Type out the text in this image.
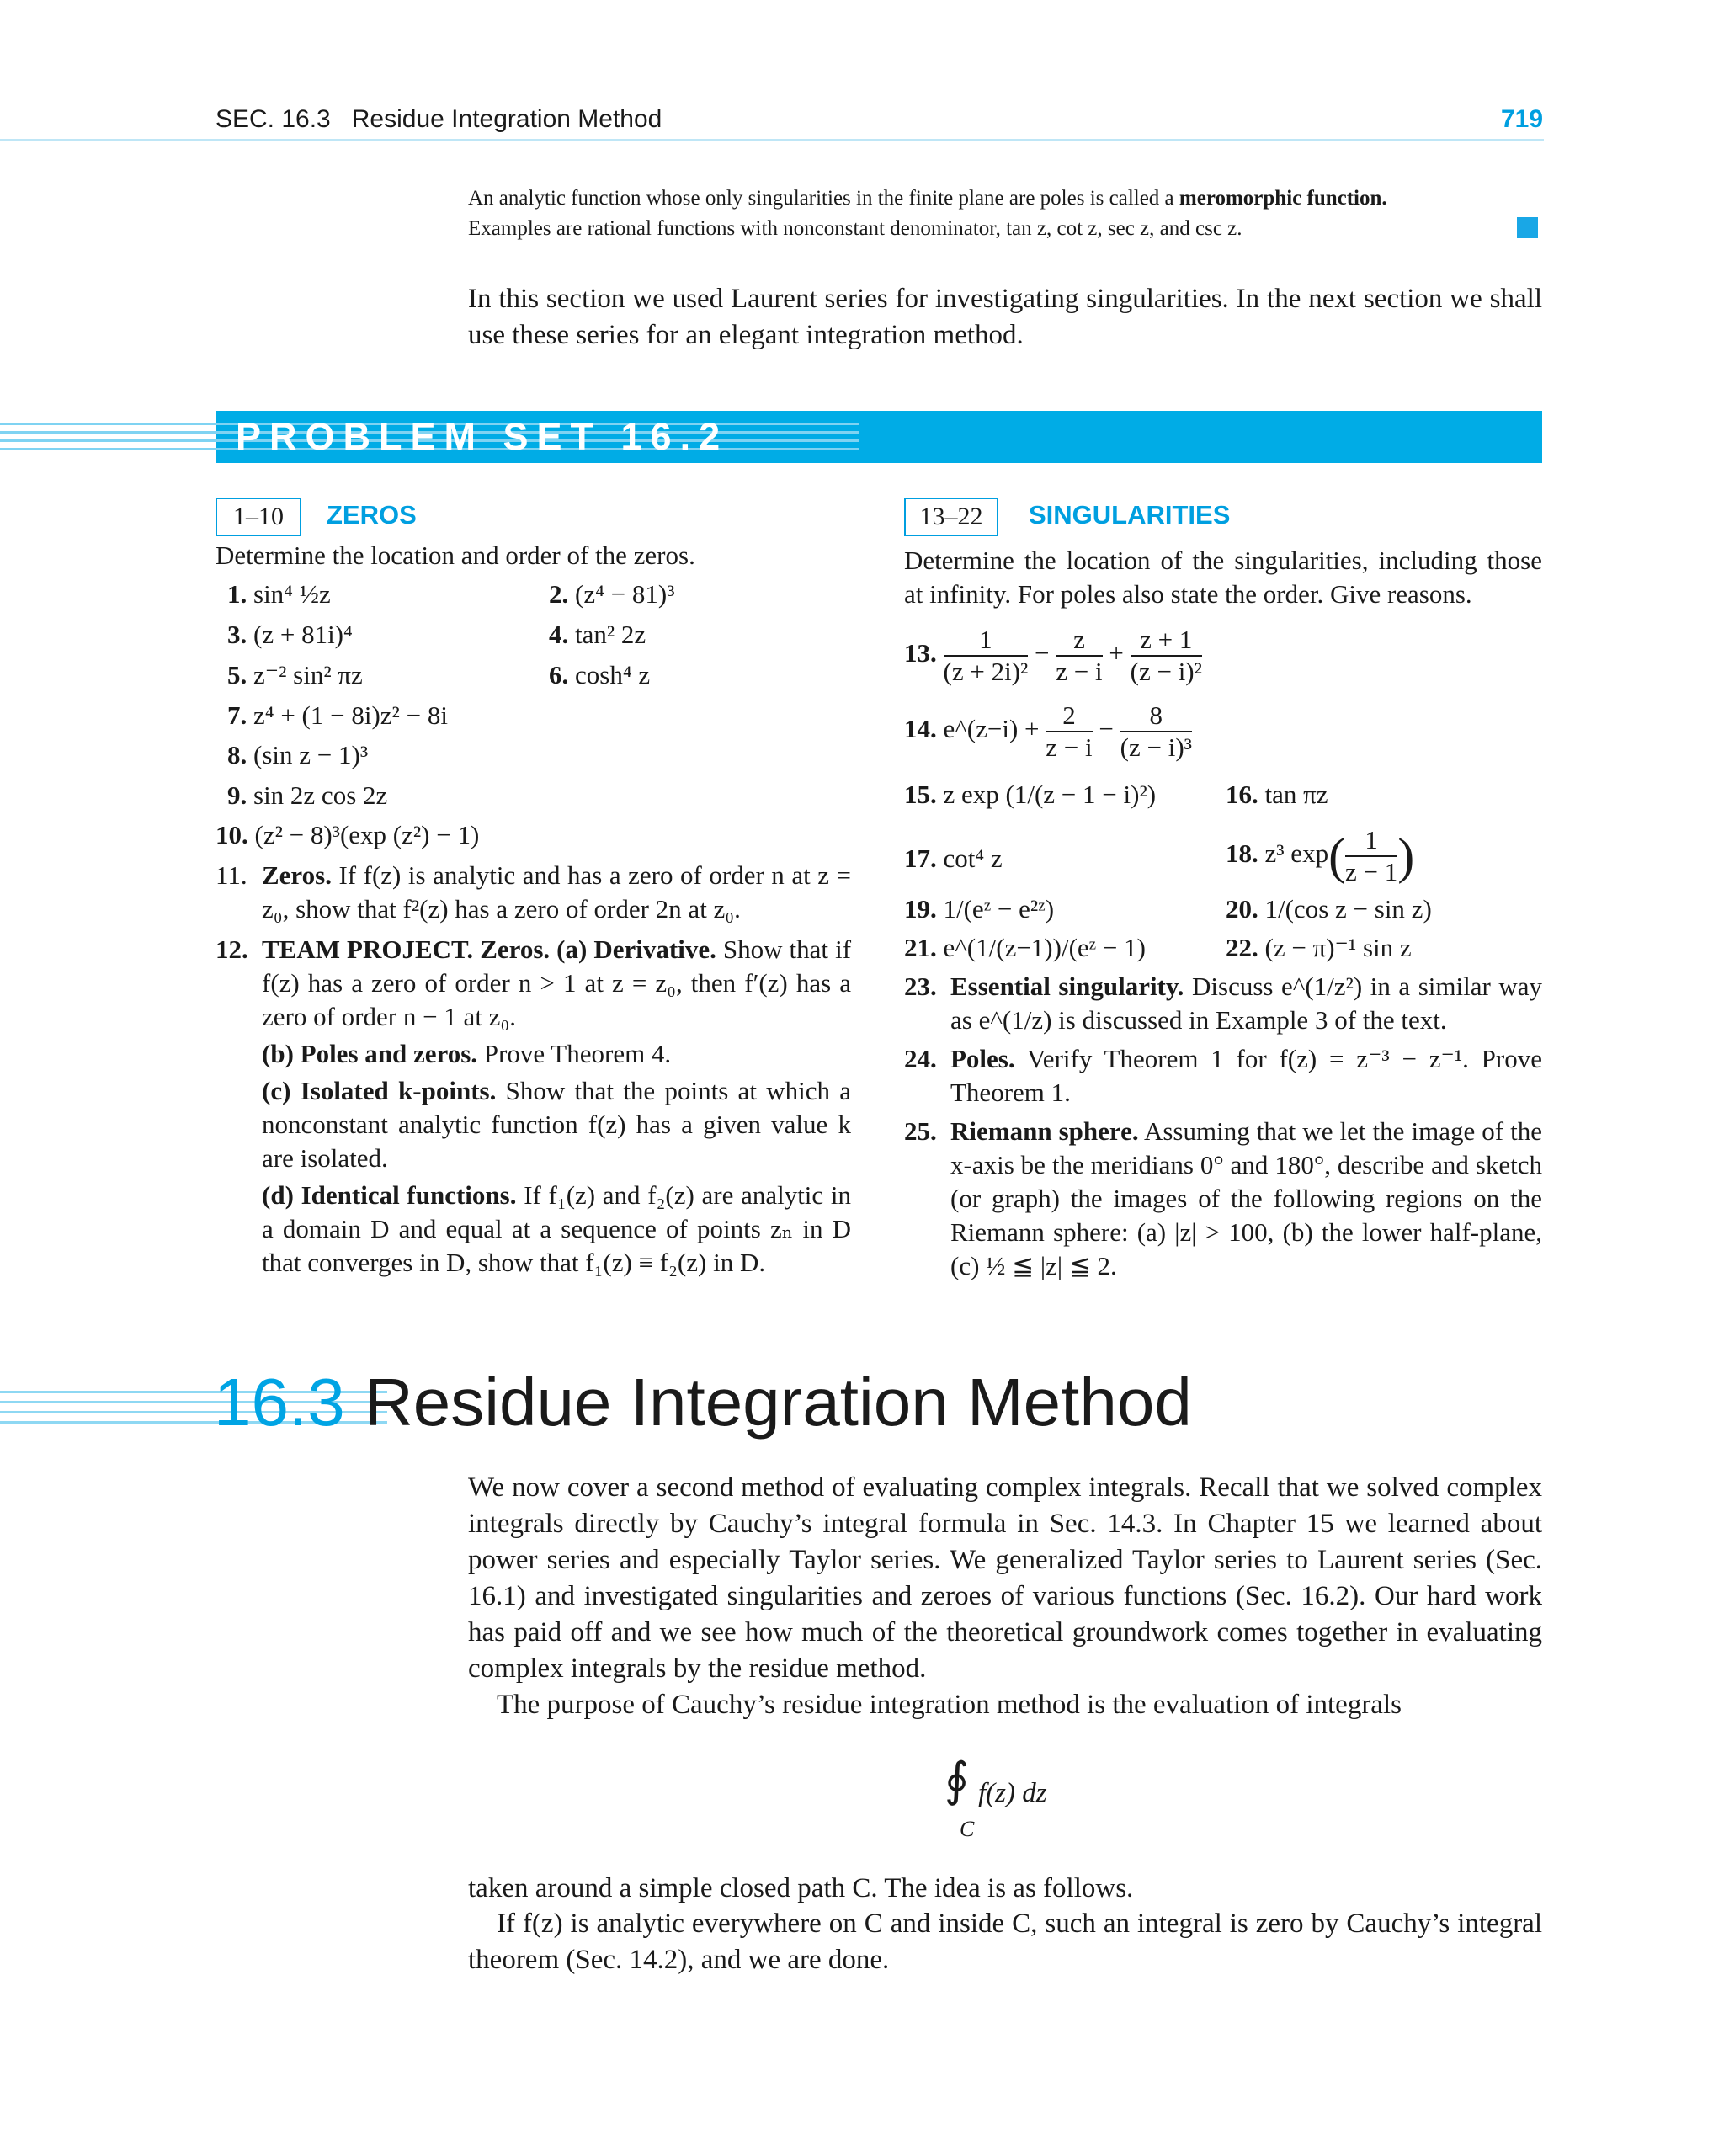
SEC. 16.3 Residue Integration Method	719
An analytic function whose only singularities in the finite plane are poles is called a meromorphic function.
Examples are rational functions with nonconstant denominator, tan z, cot z, sec z, and csc z.
In this section we used Laurent series for investigating singularities. In the next section we shall use these series for an elegant integration method.
PROBLEM SET 16.2
1–10	ZEROS
Determine the location and order of the zeros.
1. sin⁴ ½z	2. (z⁴ − 81)³
3. (z + 81i)⁴	4. tan² 2z
5. z⁻² sin² πz	6. cosh⁴ z
7. z⁴ + (1 − 8i)z² − 8i
8. (sin z − 1)³
9. sin 2z cos 2z
10. (z² − 8)³(exp (z²) − 1)
11. Zeros. If f(z) is analytic and has a zero of order n at z = z₀, show that f²(z) has a zero of order 2n at z₀.
12. TEAM PROJECT. Zeros. (a) Derivative. Show that if f(z) has a zero of order n > 1 at z = z₀, then f′(z) has a zero of order n − 1 at z₀.
(b) Poles and zeros. Prove Theorem 4.
(c) Isolated k-points. Show that the points at which a nonconstant analytic function f(z) has a given value k are isolated.
(d) Identical functions. If f₁(z) and f₂(z) are analytic in a domain D and equal at a sequence of points zₙ in D that converges in D, show that f₁(z) ≡ f₂(z) in D.
13–22	SINGULARITIES
Determine the location of the singularities, including those at infinity. For poles also state the order. Give reasons.
13. $\frac{1}{\text{(z + 2i)²}} - \frac{z}{z - i} + \frac{z + 1}{\text{(z − i)²}}$
14. e^(z−i) + $\frac{2}{z - i} - \frac{8}{\text{(z − i)³}}$
15. z exp (1/(z − 1 − i)²)	16. tan πz
17. cot⁴ z	18. z³ $\exp( \frac{1}{z - 1}$ )
19. 1/(eᶻ − e²ᶻ)	20. 1/(cos z − sin z)
21. e^(1/(z−1))/(eᶻ − 1)	22. (z − π)⁻¹ sin z
23. Essential singularity. Discuss e^(1/z²) in a similar way as e^(1/z) is discussed in Example 3 of the text.
24. Poles. Verify Theorem 1 for f(z) = z⁻³ − z⁻¹. Prove Theorem 1.
25. Riemann sphere. Assuming that we let the image of the x-axis be the meridians 0° and 180°, describe and sketch (or graph) the images of the following regions on the Riemann sphere: (a) |z| > 100, (b) the lower half-plane, (c) ½ ≦ |z| ≦ 2.
16.3 Residue Integration Method
We now cover a second method of evaluating complex integrals. Recall that we solved complex integrals directly by Cauchy’s integral formula in Sec. 14.3. In Chapter 15 we learned about power series and especially Taylor series. We generalized Taylor series to Laurent series (Sec. 16.1) and investigated singularities and zeroes of various functions (Sec. 16.2). Our hard work has paid off and we see how much of the theoretical groundwork comes together in evaluating complex integrals by the residue method.
The purpose of Cauchy’s residue integration method is the evaluation of integrals
∮ f(z) dz
C
taken around a simple closed path C. The idea is as follows.
If f(z) is analytic everywhere on C and inside C, such an integral is zero by Cauchy’s integral theorem (Sec. 14.2), and we are done.
